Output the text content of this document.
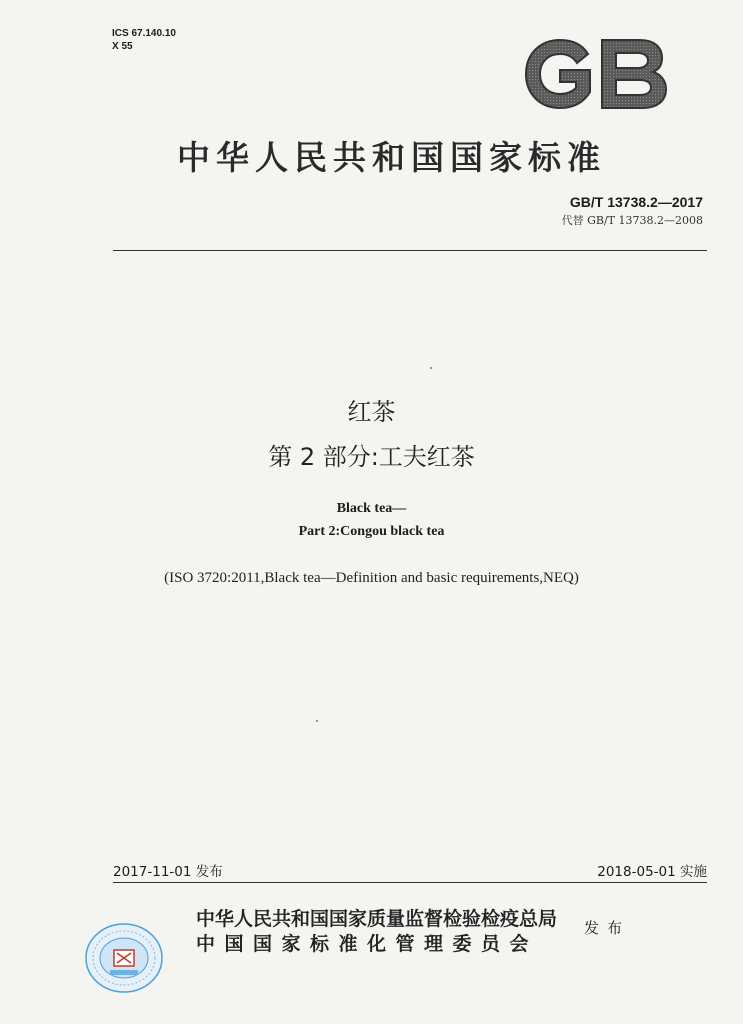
ICS 67.140.10
X 55
中华人民共和国国家标准
GB/T 13738.2—2017
代替 GB/T 13738.2—2008
红茶
第 2 部分:工夫红茶
Black tea—
Part 2:Congou black tea
(ISO 3720:2011,Black tea—Definition and basic requirements,NEQ)
2017-11-01 发布	2018-05-01 实施
中华人民共和国国家质量监督检验检疫总局
中国国家标准化管理委员会
发布
